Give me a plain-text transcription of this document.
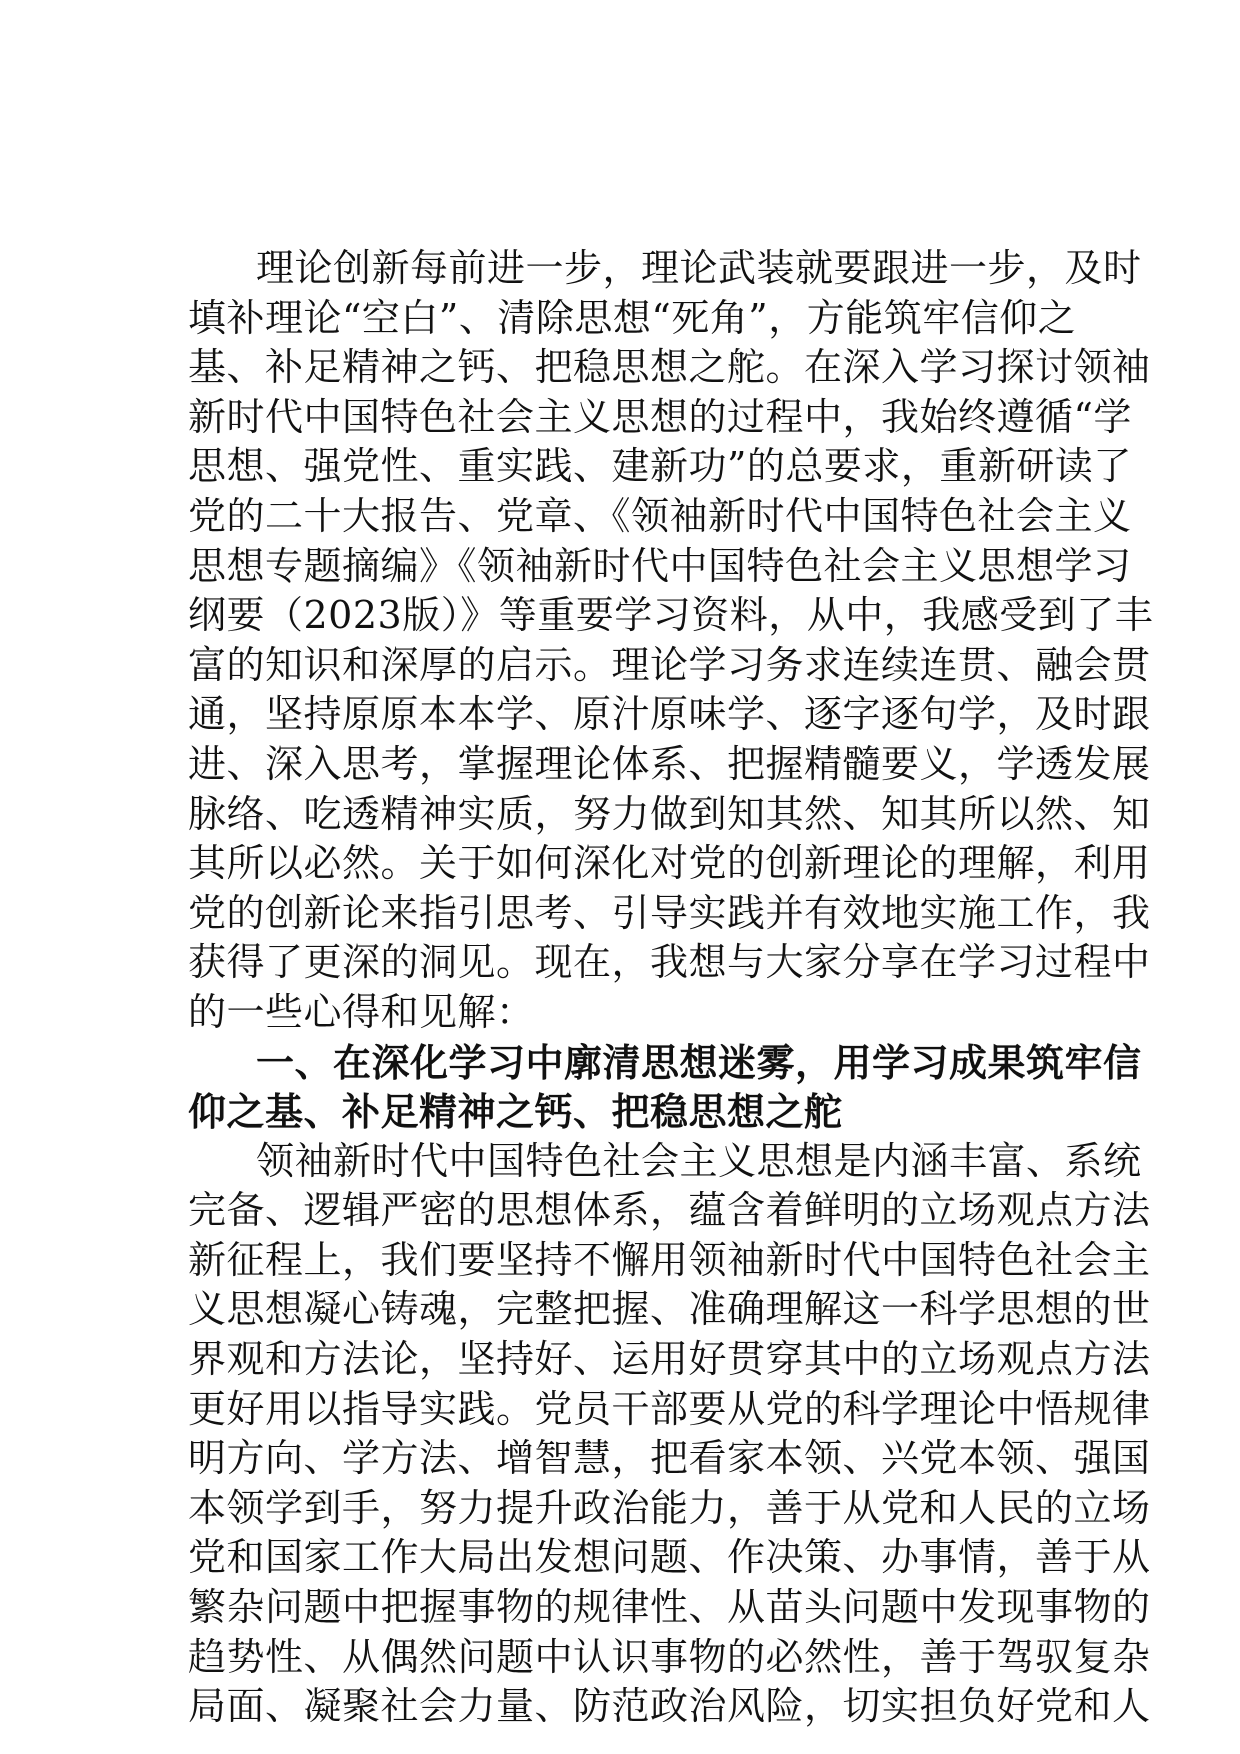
理论创新每前进一步，理论武装就要跟进一步，及时
填补理论“空白”、清除思想“死角”，方能筑牢信仰之
基、补足精神之钙、把稳思想之舵。在深入学习探讨领袖
新时代中国特色社会主义思想的过程中，我始终遵循“学
思想、强党性、重实践、建新功”的总要求，重新研读了
党的二十大报告、党章、《领袖新时代中国特色社会主义
思想专题摘编》《领袖新时代中国特色社会主义思想学习
纲要（2023版）》等重要学习资料，从中，我感受到了丰
富的知识和深厚的启示。理论学习务求连续连贯、融会贯
通，坚持原原本本学、原汁原味学、逐字逐句学，及时跟
进、深入思考，掌握理论体系、把握精髓要义，学透发展
脉络、吃透精神实质，努力做到知其然、知其所以然、知
其所以必然。关于如何深化对党的创新理论的理解，利用
党的创新论来指引思考、引导实践并有效地实施工作，我
获得了更深的洞见。现在，我想与大家分享在学习过程中
的一些心得和见解：
一、在深化学习中廓清思想迷雾，用学习成果筑牢信
仰之基、补足精神之钙、把稳思想之舵
领袖新时代中国特色社会主义思想是内涵丰富、系统
完备、逻辑严密的思想体系，蕴含着鲜明的立场观点方法
新征程上，我们要坚持不懈用领袖新时代中国特色社会主
义思想凝心铸魂，完整把握、准确理解这一科学思想的世
界观和方法论，坚持好、运用好贯穿其中的立场观点方法
更好用以指导实践。党员干部要从党的科学理论中悟规律
明方向、学方法、增智慧，把看家本领、兴党本领、强国
本领学到手，努力提升政治能力，善于从党和人民的立场
党和国家工作大局出发想问题、作决策、办事情，善于从
繁杂问题中把握事物的规律性、从苗头问题中发现事物的
趋势性、从偶然问题中认识事物的必然性，善于驾驭复杂
局面、凝聚社会力量、防范政治风险，切实担负好党和人
